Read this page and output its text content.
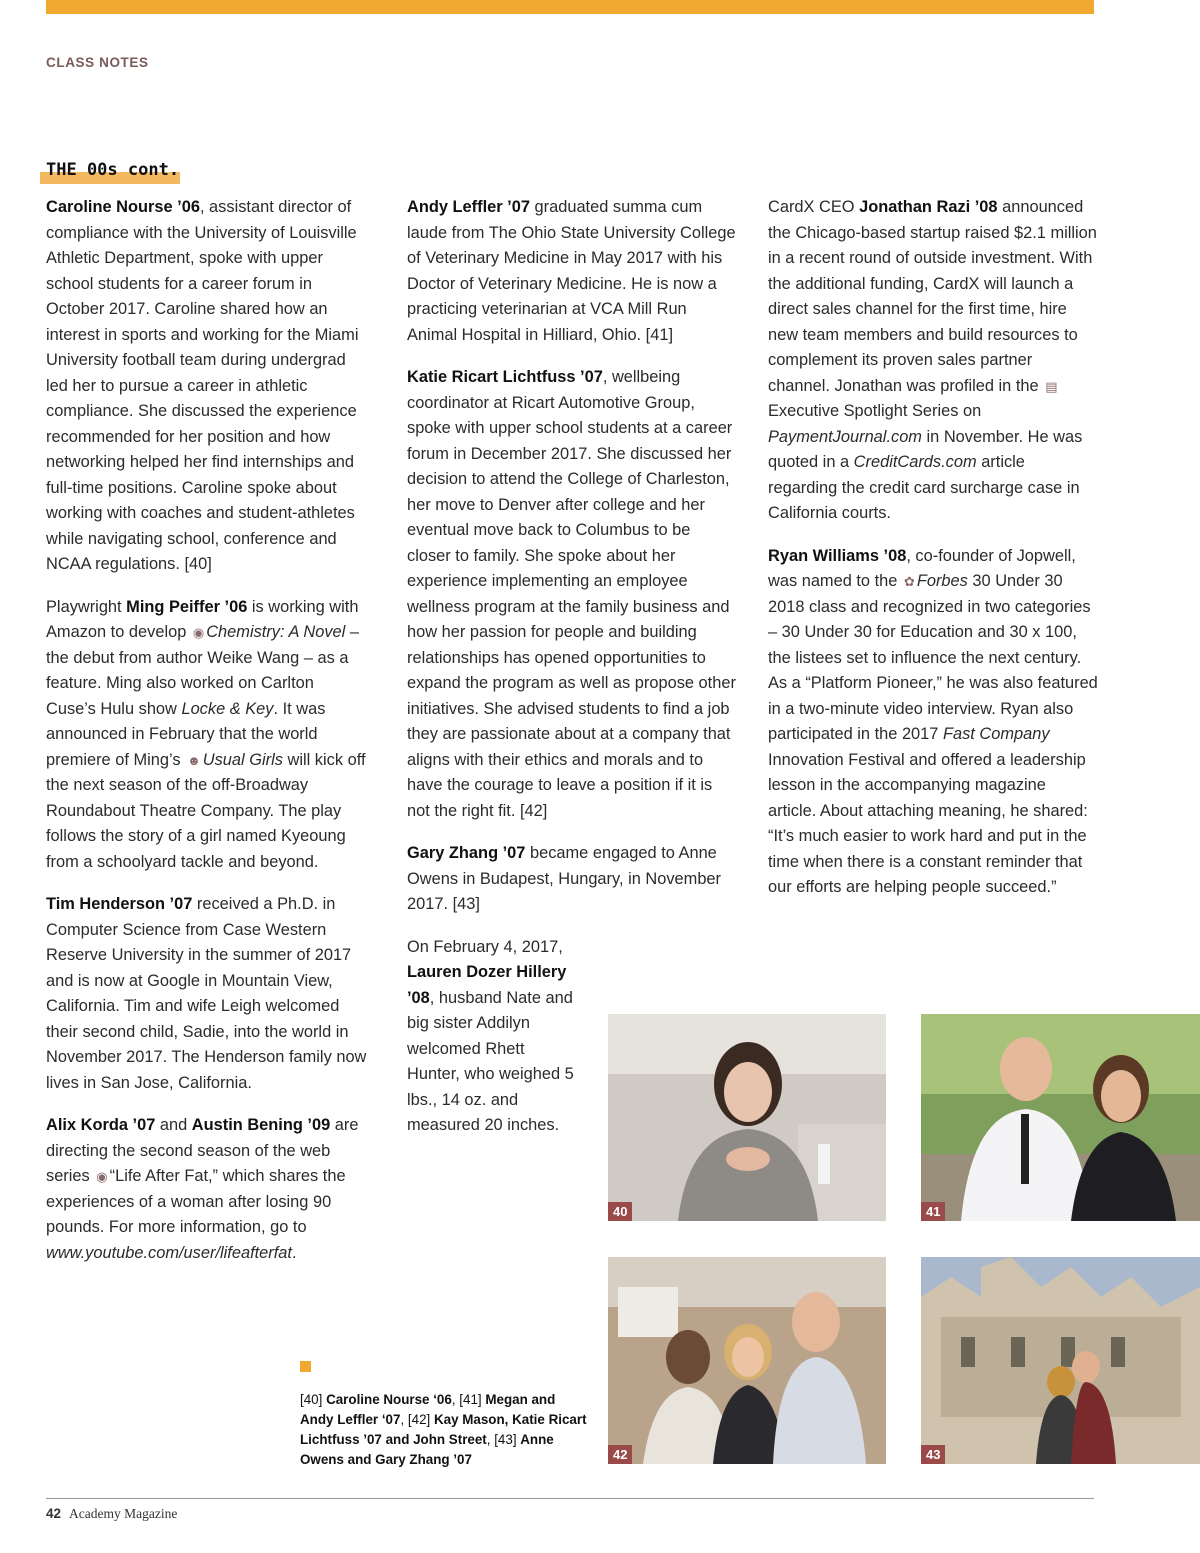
CLASS NOTES
THE 00s cont.

Caroline Nourse ’06, assistant director of compliance with the University of Louisville Athletic Department, spoke with upper school students for a career forum in October 2017. Caroline shared how an interest in sports and working for the Miami University football team during undergrad led her to pursue a career in athletic compliance. She discussed the experience recommended for her position and how networking helped her find internships and full-time positions. Caroline spoke about working with coaches and student-athletes while navigating school, conference and NCAA regulations. [40]

Playwright Ming Peiffer ’06 is working with Amazon to develop ◉ Chemistry: A Novel – the debut from author Weike Wang – as a feature. Ming also worked on Carlton Cuse’s Hulu show Locke & Key. It was announced in February that the world premiere of Ming’s ☻ Usual Girls will kick off the next season of the off-Broadway Roundabout Theatre Company. The play follows the story of a girl named Kyeoung from a schoolyard tackle and beyond.

Tim Henderson ’07 received a Ph.D. in Computer Science from Case Western Reserve University in the summer of 2017 and is now at Google in Mountain View, California. Tim and wife Leigh welcomed their second child, Sadie, into the world in November 2017. The Henderson family now lives in San Jose, California.

Alix Korda ’07 and Austin Bening ’09 are directing the second season of the web series ◉ “Life After Fat,” which shares the experiences of a woman after losing 90 pounds. For more information, go to www.youtube.com/user/lifeafterfat.

Andy Leffler ’07 graduated summa cum laude from The Ohio State University College of Veterinary Medicine in May 2017 with his Doctor of Veterinary Medicine. He is now a practicing veterinarian at VCA Mill Run Animal Hospital in Hilliard, Ohio. [41]

Katie Ricart Lichtfuss ’07, wellbeing coordinator at Ricart Automotive Group, spoke with upper school students at a career forum in December 2017. She discussed her decision to attend the College of Charleston, her move to Denver after college and her eventual move back to Columbus to be closer to family. She spoke about her experience implementing an employee wellness program at the family business and how her passion for people and building relationships has opened opportunities to expand the program as well as propose other initiatives. She advised students to find a job they are passionate about at a company that aligns with their ethics and morals and to have the courage to leave a position if it is not the right fit. [42]

Gary Zhang ’07 became engaged to Anne Owens in Budapest, Hungary, in November 2017. [43]

On February 4, 2017, Lauren Dozer Hillery ’08, husband Nate and big sister Addilyn welcomed Rhett Hunter, who weighed 5 lbs., 14 oz. and measured 20 inches.

CardX CEO Jonathan Razi ’08 announced the Chicago-based startup raised $2.1 million in a recent round of outside investment. With the additional funding, CardX will launch a direct sales channel for the first time, hire new team members and build resources to complement its proven sales partner channel. Jonathan was profiled in the ▤Executive Spotlight Series on PaymentJournal.com in November. He was quoted in a CreditCards.com article regarding the credit card surcharge case in California courts.

Ryan Williams ’08, co-founder of Jopwell, was named to the ✿ Forbes 30 Under 30 2018 class and recognized in two categories – 30 Under 30 for Education and 30 x 100, the listees set to influence the next century. As a “Platform Pioneer,” he was also featured in a two-minute video interview. Ryan also participated in the 2017 Fast Company Innovation Festival and offered a leadership lesson in the accompanying magazine article. About attaching meaning, he shared: “It’s much easier to work hard and put in the time when there is a constant reminder that our efforts are helping people succeed.”

40	41
42	43
[40] Caroline Nourse ‘06, [41] Megan and Andy Leffler ‘07, [42] Kay Mason, Katie Ricart Lichtfuss ’07 and John Street, [43] Anne Owens and Gary Zhang ’07
42 Academy Magazine
